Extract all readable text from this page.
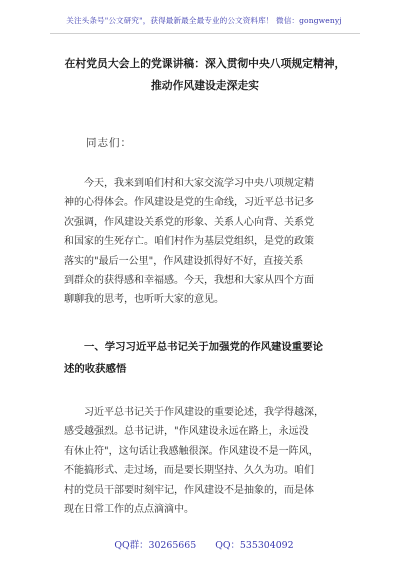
关注头条号"公文研究"，获得最新最全最专业的公文资料库！ 微信：gongwenyj
在村党员大会上的党课讲稿：深入贯彻中央八项规定精神，
推动作风建设走深走实
同志们：
今天，我来到咱们村和大家交流学习中央八项规定精
神的心得体会。作风建设是党的生命线，习近平总书记多
次强调，作风建设关系党的形象、关系人心向背、关系党
和国家的生死存亡。咱们村作为基层党组织，是党的政策
落实的"最后一公里"，作风建设抓得好不好，直接关系
到群众的获得感和幸福感。今天，我想和大家从四个方面
聊聊我的思考，也听听大家的意见。
一、学习习近平总书记关于加强党的作风建设重要论
述的收获感悟
习近平总书记关于作风建设的重要论述，我学得越深，
感受越强烈。总书记讲，"作风建设永远在路上，永远没
有休止符"，这句话让我感触很深。作风建设不是一阵风，
不能搞形式、走过场，而是要长期坚持、久久为功。咱们
村的党员干部要时刻牢记，作风建设不是抽象的，而是体
现在日常工作的点点滴滴中。
QQ群：30265665 QQ：535304092
